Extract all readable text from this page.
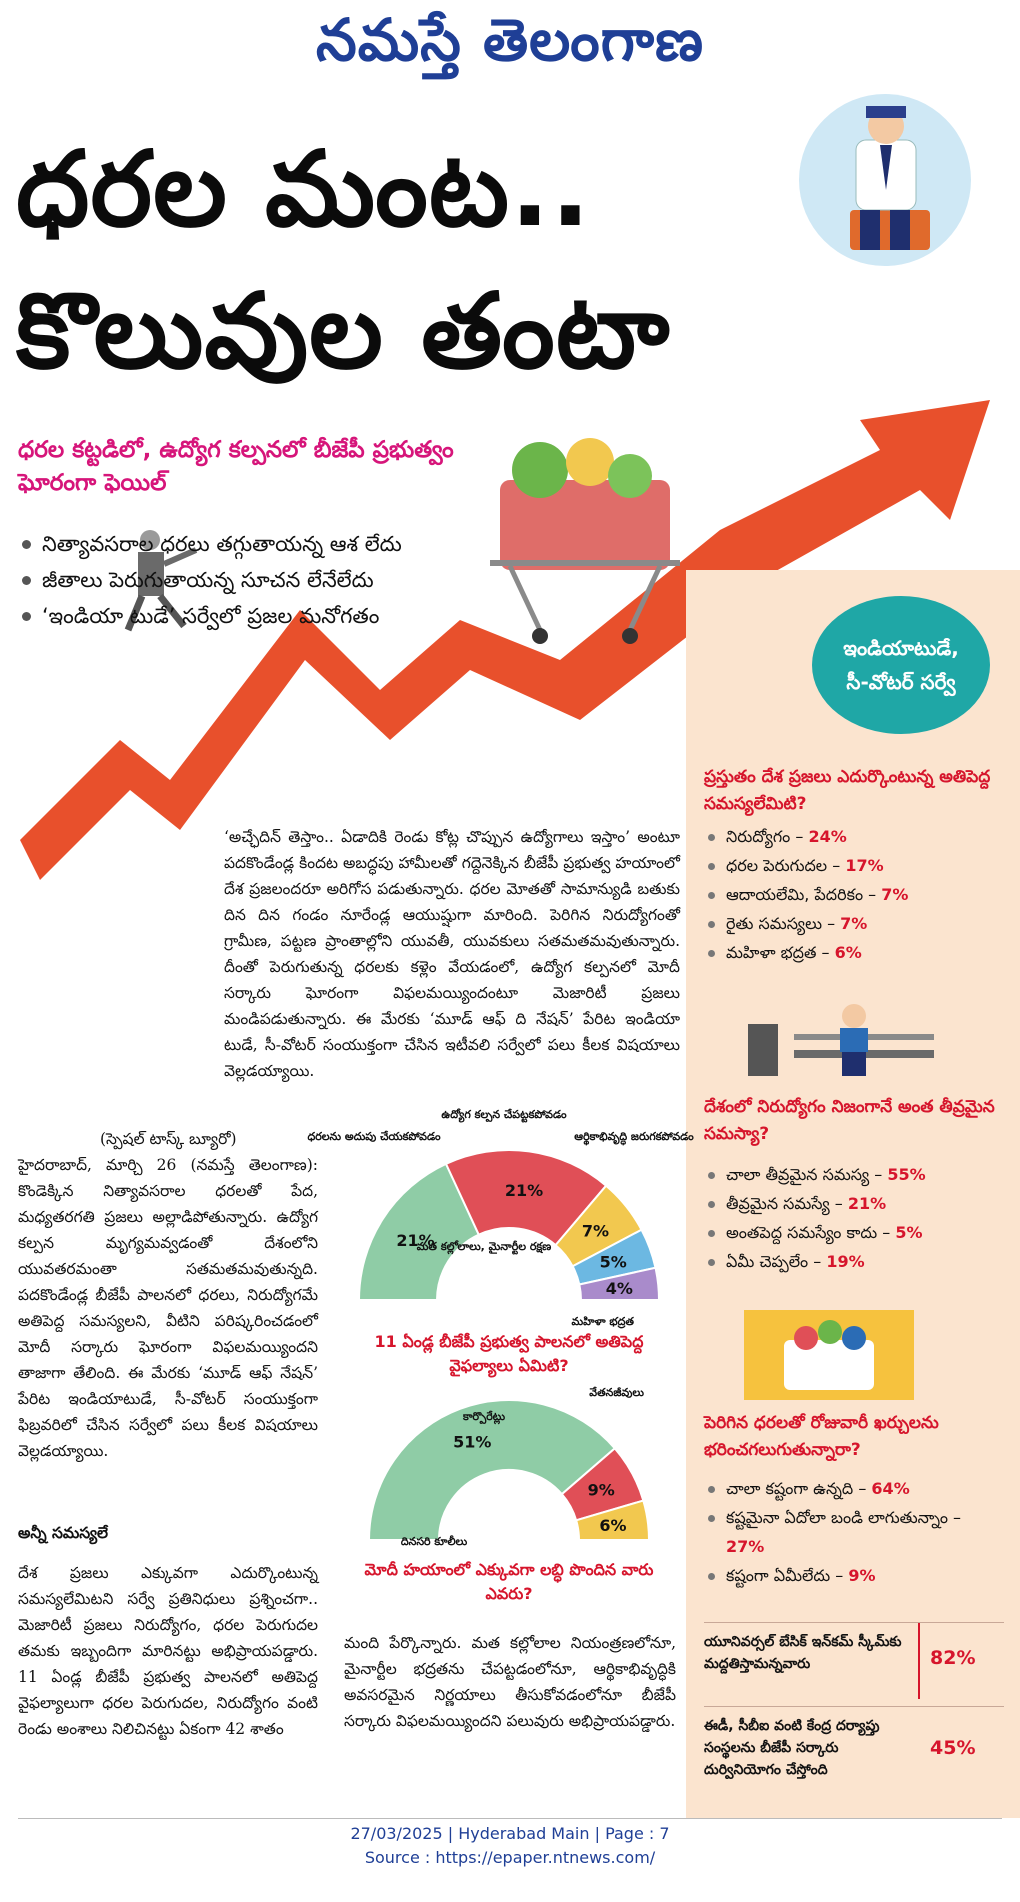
నమస్తే తెలంగాణ
ధరల మంట..
కొలువుల తంటా
ధరల కట్టడిలో, ఉద్యోగ కల్పనలో బీజేపీ ప్రభుత్వం ఘోరంగా ఫెయిల్
నిత్యావసరాల ధరలు తగ్గుతాయన్న ఆశ లేదు
జీతాలు పెరుగుతాయన్న సూచన లేనేలేదు
‘ఇండియా టుడే’ సర్వేలో ప్రజల మనోగతం
ఇండియాటుడే,
సీ-వోటర్ సర్వే
ప్రస్తుతం దేశ ప్రజలు ఎదుర్కొంటున్న అతిపెద్ద సమస్యలేమిటి?
నిరుద్యోగం – 24%
ధరల పెరుగుదల – 17%
ఆదాయలేమి, పేదరికం – 7%
రైతు సమస్యలు – 7%
మహిళా భద్రత – 6%
దేశంలో నిరుద్యోగం నిజంగానే అంత తీవ్రమైన సమస్యా?
చాలా తీవ్రమైన సమస్య – 55%
తీవ్రమైన సమస్యే – 21%
అంతపెద్ద సమస్యేం కాదు – 5%
ఏమీ చెప్పలేం – 19%
పెరిగిన ధరలతో రోజువారీ ఖర్చులను భరించగలుగుతున్నారా?
చాలా కష్టంగా ఉన్నది – 64%
కష్టమైనా ఏదోలా బండి లాగుతున్నాం – 27%
కష్టంగా ఏమీలేదు – 9%
యూనివర్సల్ బేసిక్ ఇన్‌కమ్ స్కీమ్‌కు మద్దతిస్తామన్నవారు	82%
ఈడీ, సీబీఐ వంటి కేంద్ర దర్యాప్తు సంస్థలను బీజేపీ సర్కారు దుర్వినియోగం చేస్తోంది
45%
‘అచ్ఛేదిన్ తెస్తాం.. ఏడాదికి రెండు కోట్ల చొప్పున ఉద్యోగాలు ఇస్తాం’ అంటూ పదకొండేండ్ల కిందట అబద్ధపు హామీలతో గద్దెనెక్కిన బీజేపీ ప్రభుత్వ హయాంలో దేశ ప్రజలందరూ అరిగోస పడుతున్నారు. ధరల మోతతో సామాన్యుడి బతుకు దిన దిన గండం నూరేండ్ల ఆయుష్షుగా మారింది. పెరిగిన నిరుద్యోగంతో గ్రామీణ, పట్టణ ప్రాంతాల్లోని యువతీ, యువకులు సతమతమవుతున్నారు. దీంతో పెరుగుతున్న ధరలకు కళ్లెం వేయడంలో, ఉద్యోగ కల్పనలో మోదీ సర్కారు ఘోరంగా విఫలమయ్యిందంటూ మెజారిటీ ప్రజలు మండిపడుతున్నారు. ఈ మేరకు ‘మూడ్ ఆఫ్ ది నేషన్’ పేరిట ఇండియా టుడే, సీ-వోటర్ సంయుక్తంగా చేసిన ఇటీవలి సర్వేలో పలు కీలక విషయాలు వెల్లడయ్యాయి.
(స్పెషల్ టాస్క్ బ్యూరో)
హైదరాబాద్, మార్చి 26 (నమస్తే తెలంగాణ): కొండెక్కిన నిత్యావసరాల ధరలతో పేద, మధ్యతరగతి ప్రజలు అల్లాడిపోతున్నారు. ఉద్యోగ కల్పన మృగ్యమవ్వడంతో దేశంలోని యువతరమంతా సతమతమవుతున్నది. పదకొండేండ్ల బీజేపీ పాలనలో ధరలు, నిరుద్యోగమే అతిపెద్ద సమస్యలని, వీటిని పరిష్కరించడంలో మోదీ సర్కారు ఘోరంగా విఫలమయ్యిందని తాజాగా తేలింది. ఈ మేరకు ‘మూడ్ ఆఫ్ నేషన్’ పేరిట ఇండియాటుడే, సీ-వోటర్ సంయుక్తంగా ఫిబ్రవరిలో చేసిన సర్వేలో పలు కీలక విషయాలు వెల్లడయ్యాయి.
అన్నీ సమస్యలే
దేశ ప్రజలు ఎక్కువగా ఎదుర్కొంటున్న సమస్యలేమిటని సర్వే ప్రతినిధులు ప్రశ్నించగా.. మెజారిటీ ప్రజలు నిరుద్యోగం, ధరల పెరుగుదల తమకు ఇబ్బందిగా మారినట్టు అభిప్రాయపడ్డారు. 11 ఏండ్ల బీజేపీ ప్రభుత్వ పాలనలో అతిపెద్ద వైఫల్యాలుగా ధరల పెరుగుదల, నిరుద్యోగం వంటి రెండు అంశాలు నిలిచినట్టు ఏకంగా 42 శాతం
21%
21%
7%
5%
4%
ధరలను అదుపు చేయకపోవడం
ఉద్యోగ కల్పన చేపట్టకపోవడం
ఆర్థికాభివృద్ధి జరుగకపోవడం
మత కల్లోలాలు, మైనార్టీల రక్షణ
మహిళా భద్రత
11 ఏండ్ల బీజేపీ ప్రభుత్వ పాలనలో అతిపెద్ద వైఫల్యాలు ఏమిటి?
51%
9%
6%
కార్పొరేట్లు
వేతనజీవులు
దినసరి కూలీలు
మోదీ హయాంలో ఎక్కువగా లబ్ధి పొందిన వారు ఎవరు?
మంది పేర్కొన్నారు. మత కల్లోలాల నియంత్రణలోనూ, మైనార్టీల భద్రతను చేపట్టడంలోనూ, ఆర్థికాభివృద్ధికి అవసరమైన నిర్ణయాలు తీసుకోవడంలోనూ బీజేపీ సర్కారు విఫలమయ్యిందని పలువురు అభిప్రాయపడ్డారు.
27/03/2025 | Hyderabad Main | Page : 7
Source : https://epaper.ntnews.com/
